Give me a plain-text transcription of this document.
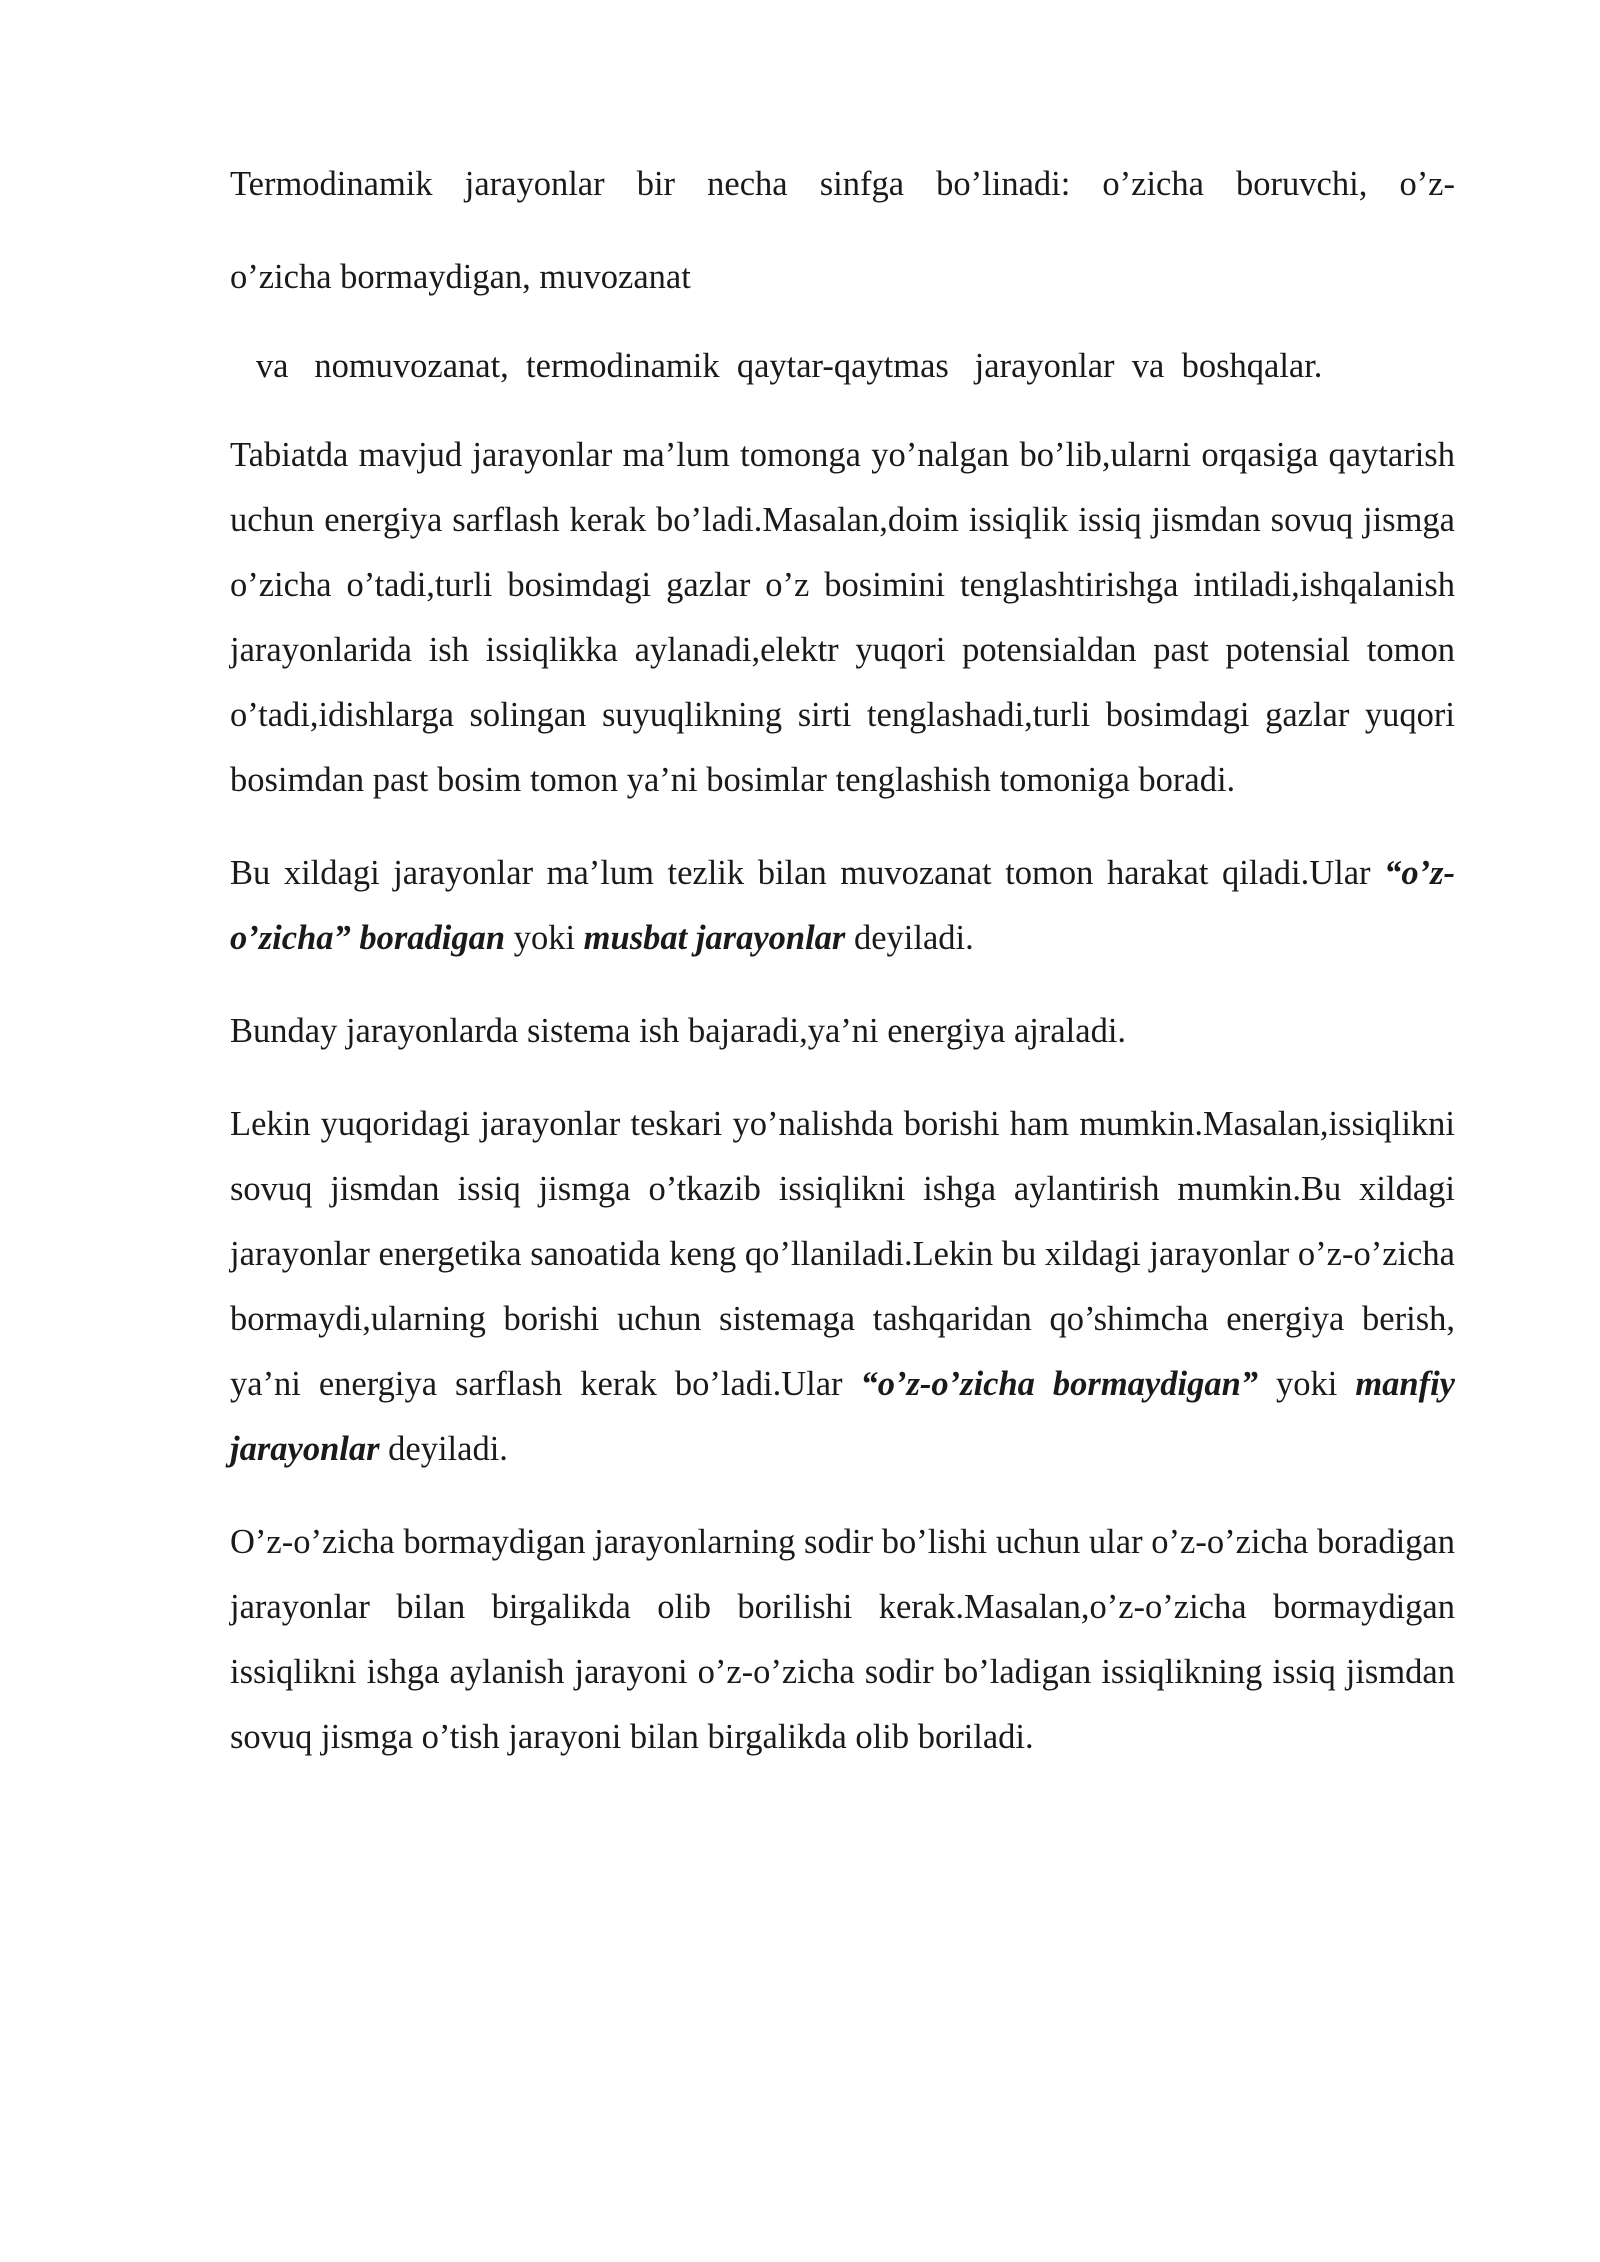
Termodinamik jarayonlar bir necha sinfga bo’linadi: o’zicha boruvchi, o’z-
o’zicha bormaydigan, muvozanat
va   nomuvozanat,  termodinamik  qaytar-qaytmas   jarayonlar  va  boshqalar.

Tabiatda mavjud jarayonlar ma’lum tomonga yo’nalgan bo’lib,ularni orqasiga qaytarish uchun energiya sarflash kerak bo’ladi.Masalan,doim issiqlik issiq jismdan sovuq jismga o’zicha o’tadi,turli bosimdagi gazlar o’z bosimini tenglashtirishga intiladi,ishqalanish jarayonlarida ish issiqlikka aylanadi,elektr yuqori potensialdan past potensial tomon o’tadi,idishlarga solingan suyuqlikning sirti tenglashadi,turli bosimdagi gazlar yuqori bosimdan past bosim tomon ya’ni bosimlar tenglashish tomoniga boradi.

Bu xildagi jarayonlar ma’lum tezlik bilan muvozanat tomon harakat qiladi.Ular “o’z-o’zicha” boradigan yoki musbat jarayonlar deyiladi.

Bunday jarayonlarda sistema ish bajaradi,ya’ni energiya ajraladi.

Lekin yuqoridagi jarayonlar teskari yo’nalishda borishi ham mumkin.Masalan,issiqlikni sovuq jismdan issiq jismga o’tkazib issiqlikni ishga aylantirish mumkin.Bu xildagi jarayonlar energetika sanoatida keng qo’llaniladi.Lekin bu xildagi jarayonlar o’z-o’zicha bormaydi,ularning borishi uchun sistemaga tashqaridan qo’shimcha energiya berish, ya’ni energiya sarflash kerak bo’ladi.Ular “o’z-o’zicha bormaydigan” yoki manfiy jarayonlar deyiladi.

O’z-o’zicha bormaydigan jarayonlarning sodir bo’lishi uchun ular o’z-o’zicha boradigan jarayonlar bilan birgalikda olib borilishi kerak.Masalan,o’z-o’zicha bormaydigan issiqlikni ishga aylanish jarayoni o’z-o’zicha sodir bo’ladigan issiqlikning issiq jismdan sovuq jismga o’tish jarayoni bilan birgalikda olib boriladi.
